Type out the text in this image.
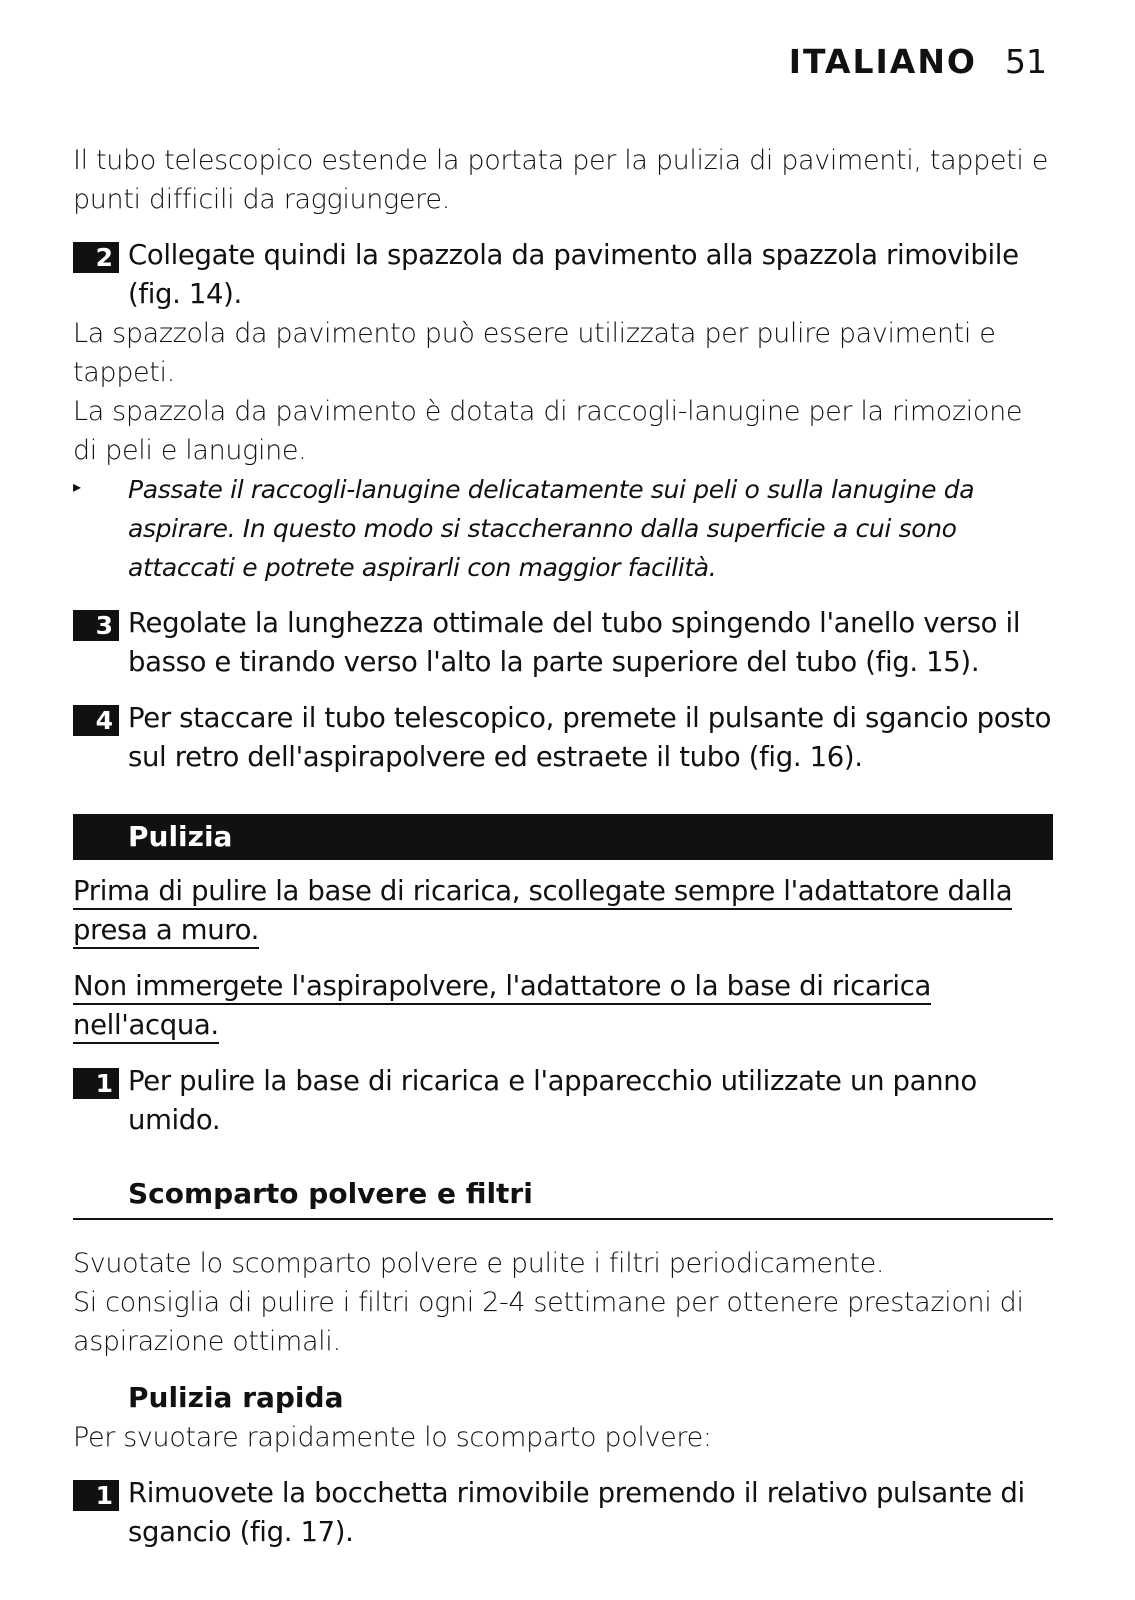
ITALIANO 51

Il tubo telescopico estende la portata per la pulizia di pavimenti, tappeti e punti difficili da raggiungere.

2 Collegate quindi la spazzola da pavimento alla spazzola rimovibile (fig. 14).

La spazzola da pavimento può essere utilizzata per pulire pavimenti e tappeti.

La spazzola da pavimento è dotata di raccogli-lanugine per la rimozione di peli e lanugine.

▸ Passate il raccogli-lanugine delicatamente sui peli o sulla lanugine da aspirare. In questo modo si staccheranno dalla superficie a cui sono attaccati e potrete aspirarli con maggior facilità.
3 Regolate la lunghezza ottimale del tubo spingendo l'anello verso il basso e tirando verso l'alto la parte superiore del tubo (fig. 15).
4 Per staccare il tubo telescopico, premete il pulsante di sgancio posto sul retro dell'aspirapolvere ed estraete il tubo (fig. 16).
Pulizia

Prima di pulire la base di ricarica, scollegate sempre l'adattatore dalla
presa a muro.

Non immergete l'aspirapolvere, l'adattatore o la base di ricarica
nell'acqua.

1 Per pulire la base di ricarica e l'apparecchio utilizzate un panno umido.
Scomparto polvere e filtri

Svuotate lo scomparto polvere e pulite i filtri periodicamente.

Si consiglia di pulire i filtri ogni 2-4 settimane per ottenere prestazioni di aspirazione ottimali.

Pulizia rapida

Per svuotare rapidamente lo scomparto polvere:

1 Rimuovete la bocchetta rimovibile premendo il relativo pulsante di sgancio (fig. 17).
